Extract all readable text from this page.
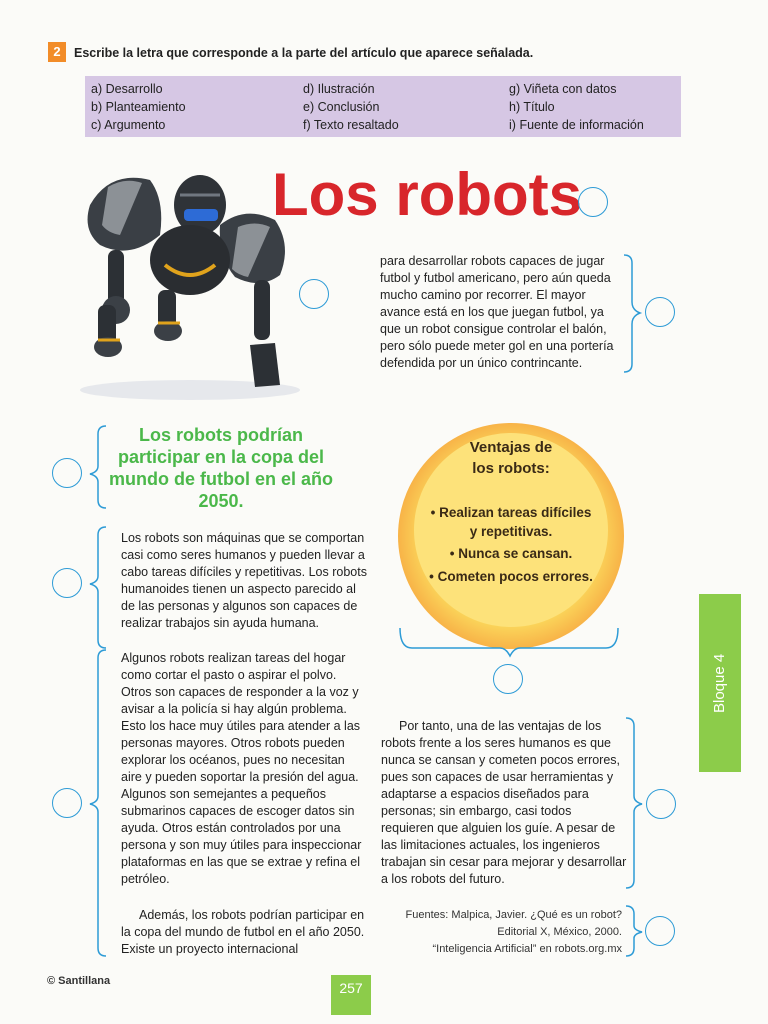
2	Escribe la letra que corresponde a la parte del artículo que aparece señalada.
a) Desarrollo
b) Planteamiento
c) Argumento
d) Ilustración
e) Conclusión
f) Texto resaltado
g) Viñeta con datos
h) Título
i) Fuente de información
Los robots
para desarrollar robots capaces de jugar futbol y futbol americano, pero aún queda mucho camino por recorrer. El mayor avance está en los que juegan futbol, ya que un robot consigue controlar el balón, pero sólo puede meter gol en una portería defendida por un único contrincante.
Los robots podrían participar en la copa del mundo de futbol en el año 2050.
Los robots son máquinas que se comportan casi como seres humanos y pueden llevar a cabo tareas difíciles y repetitivas. Los robots humanoides tienen un aspecto parecido al de las personas y algunos son capaces de realizar trabajos sin ayuda humana.
Algunos robots realizan tareas del hogar como cortar el pasto o aspirar el polvo. Otros son capaces de responder a la voz y avisar a la policía si hay algún problema. Esto los hace muy útiles para atender a las personas mayores. Otros robots pueden explorar los océanos, pues no necesitan aire y pueden soportar la presión del agua. Algunos son semejantes a pequeños submarinos capaces de escoger datos sin ayuda. Otros están controlados por una persona y son muy útiles para inspeccionar plataformas en las que se extrae y refina el petróleo.
Además, los robots podrían participar en la copa del mundo de futbol en el año 2050. Existe un proyecto internacional
Ventajas de
los robots:
• Realizan tareas difíciles
y repetitivas.
• Nunca se cansan.
• Cometen pocos errores.
Por tanto, una de las ventajas de los robots frente a los seres humanos es que nunca se cansan y cometen pocos errores, pues son capaces de usar herramientas y adaptarse a espacios diseñados para personas; sin embargo, casi todos requieren que alguien los guíe. A pesar de las limitaciones actuales, los ingenieros trabajan sin cesar para mejorar y desarrollar a los robots del futuro.
Fuentes: Malpica, Javier. ¿Qué es un robot?
Editorial X, México, 2000.
“Inteligencia Artificial” en robots.org.mx
Bloque 4
© Santillana	257
